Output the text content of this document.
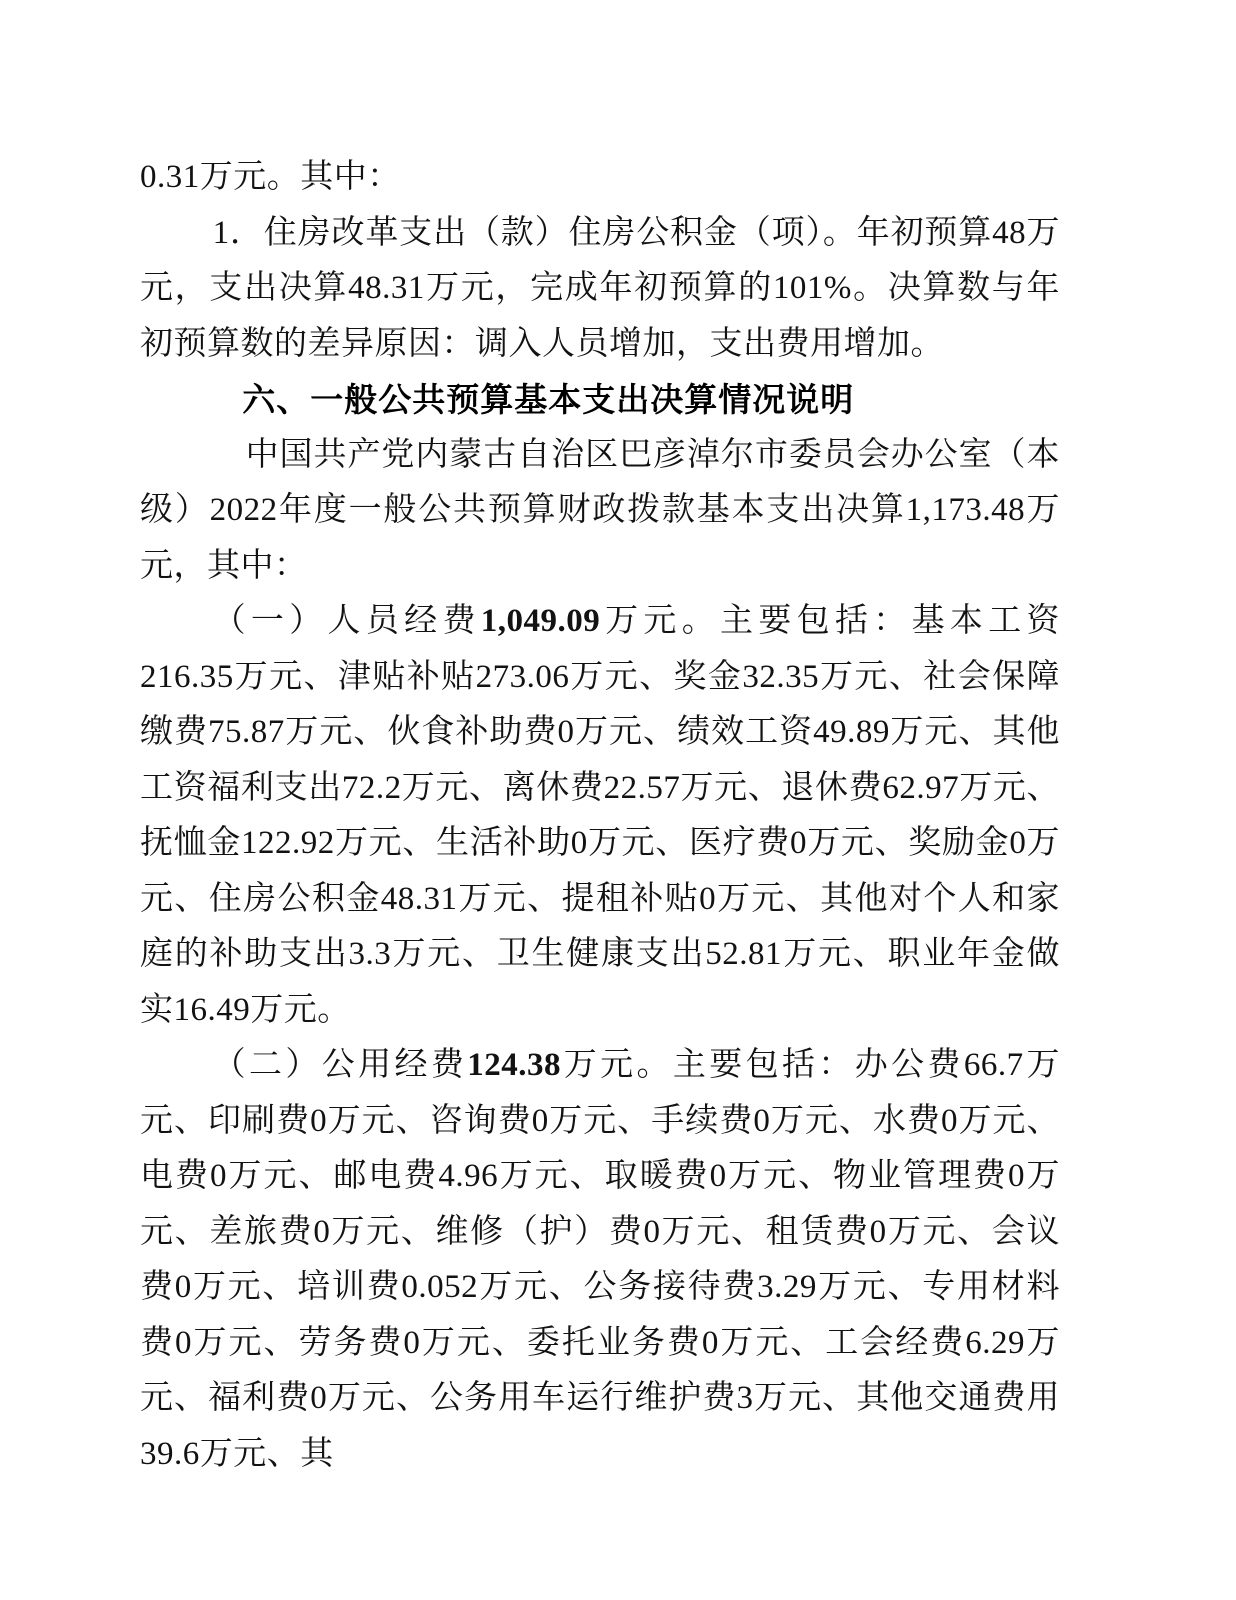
0.31万元。其中：

1．住房改革支出（款）住房公积金（项）。年初预算48万元，支出决算48.31万元，完成年初预算的101%。决算数与年初预算数的差异原因：调入人员增加，支出费用增加。

六、一般公共预算基本支出决算情况说明

中国共产党内蒙古自治区巴彦淖尔市委员会办公室（本级）2022年度一般公共预算财政拨款基本支出决算1,173.48万元，其中：

（一）人员经费1,049.09万元。主要包括：基本工资216.35万元、津贴补贴273.06万元、奖金32.35万元、社会保障缴费75.87万元、伙食补助费0万元、绩效工资49.89万元、其他工资福利支出72.2万元、离休费22.57万元、退休费62.97万元、抚恤金122.92万元、生活补助0万元、医疗费0万元、奖励金0万元、住房公积金48.31万元、提租补贴0万元、其他对个人和家庭的补助支出3.3万元、卫生健康支出52.81万元、职业年金做实16.49万元。

（二）公用经费124.38万元。主要包括：办公费66.7万元、印刷费0万元、咨询费0万元、手续费0万元、水费0万元、电费0万元、邮电费4.96万元、取暖费0万元、物业管理费0万元、差旅费0万元、维修（护）费0万元、租赁费0万元、会议费0万元、培训费0.052万元、公务接待费3.29万元、专用材料费0万元、劳务费0万元、委托业务费0万元、工会经费6.29万元、福利费0万元、公务用车运行维护费3万元、其他交通费用39.6万元、其
